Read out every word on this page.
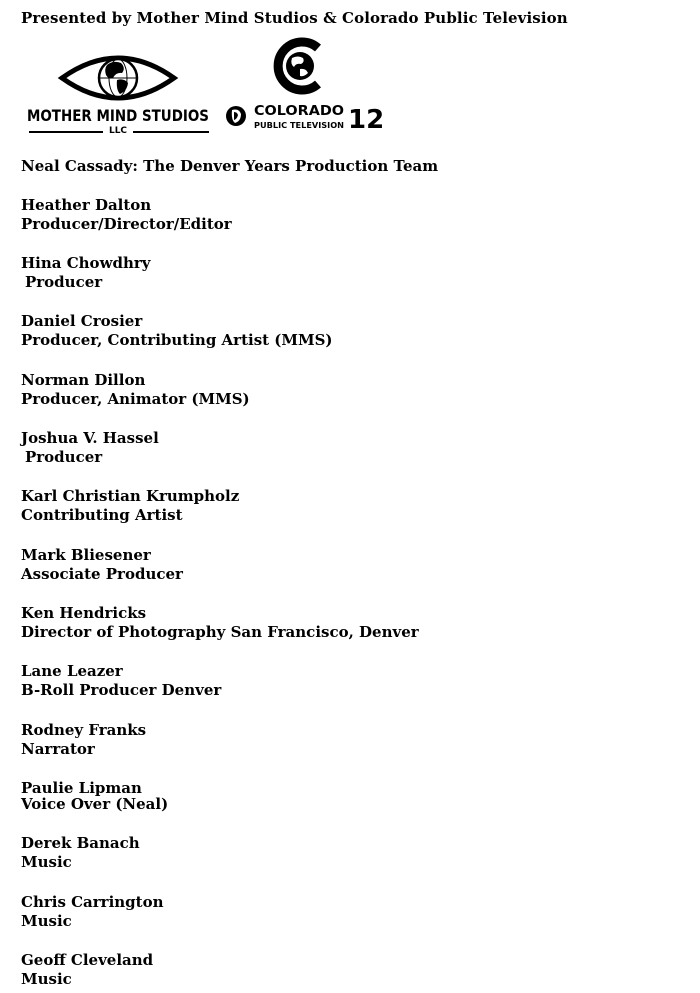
Presented by Mother Mind Studios & Colorado Public Television
MOTHER MIND STUDIOS
LLC
COLORADO
PUBLIC TELEVISION 12
Neal Cassady: The Denver Years Production Team
Heather Dalton
Producer/Director/Editor
Hina Chowdhry
Producer
Daniel Crosier
Producer, Contributing Artist (MMS)
Norman Dillon
Producer, Animator (MMS)
Joshua V. Hassel
Producer
Karl Christian Krumpholz
Contributing Artist
Mark Bliesener
Associate Producer
Ken Hendricks
Director of Photography San Francisco, Denver
Lane Leazer
B-Roll Producer Denver
Rodney Franks
Narrator
Paulie Lipman
Voice Over (Neal)
Derek Banach
Music
Chris Carrington
Music
Geoff Cleveland
Music
